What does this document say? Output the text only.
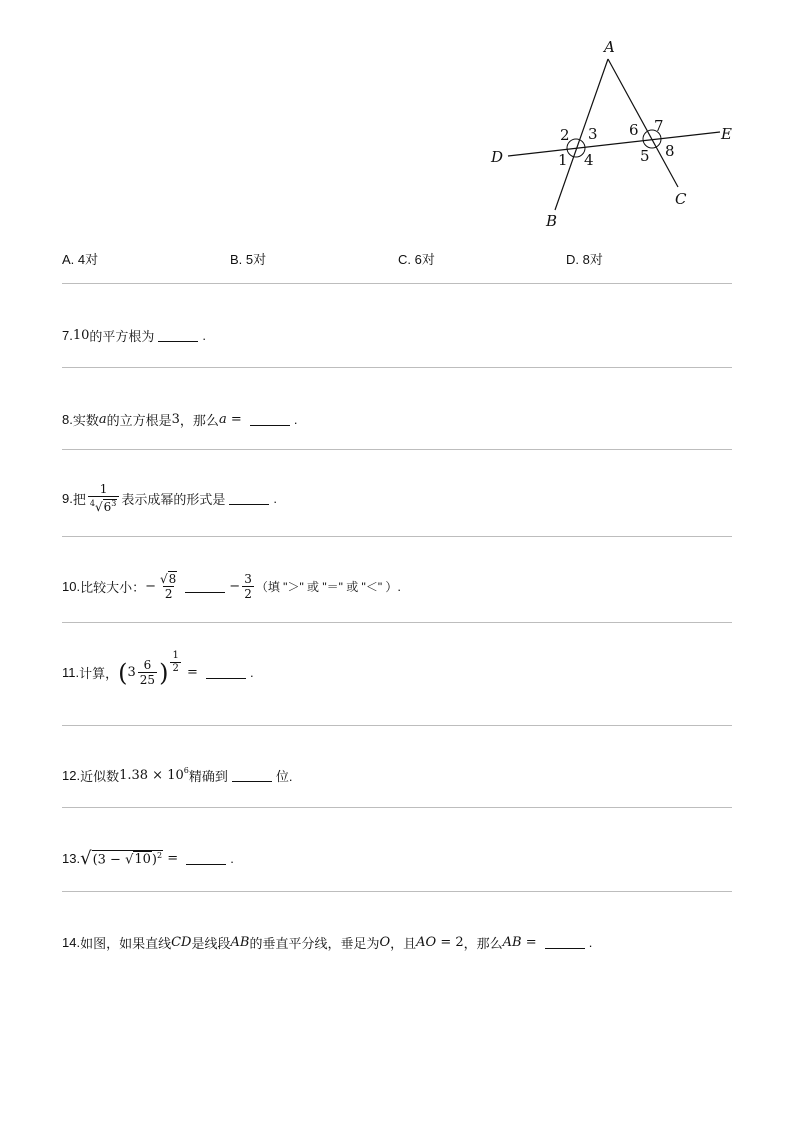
A
B
C
D
E
1
2 3
4	5
6 7
8
A. 4对	B. 5对	C. 6对	D. 8对
7. 10 的平方根为	.
8. 实数 a 的立方根是 3 ，那么 a =	.
9. 把 $\frac{1}{^4√6^3}$ 表示成幂的形式是	.
10. 比较大小： − $\frac{√8}{2}$	− $\frac{3}{2}$ （填 "＞" 或 "＝" 或 "＜" ） .
11. 计算， ( $3 \frac{6}{25}$ ) $\frac{1}{2}$ =	.
12. 近似数 $1.38 \times 10^6$ 精确到	位.
13. √ $(3 - √10)^2$ =	.
14. 如图，如果直线 CD 是线段 AB 的垂直平分线，垂足为 O ，且 AO = 2 ，那么 AB =	.
